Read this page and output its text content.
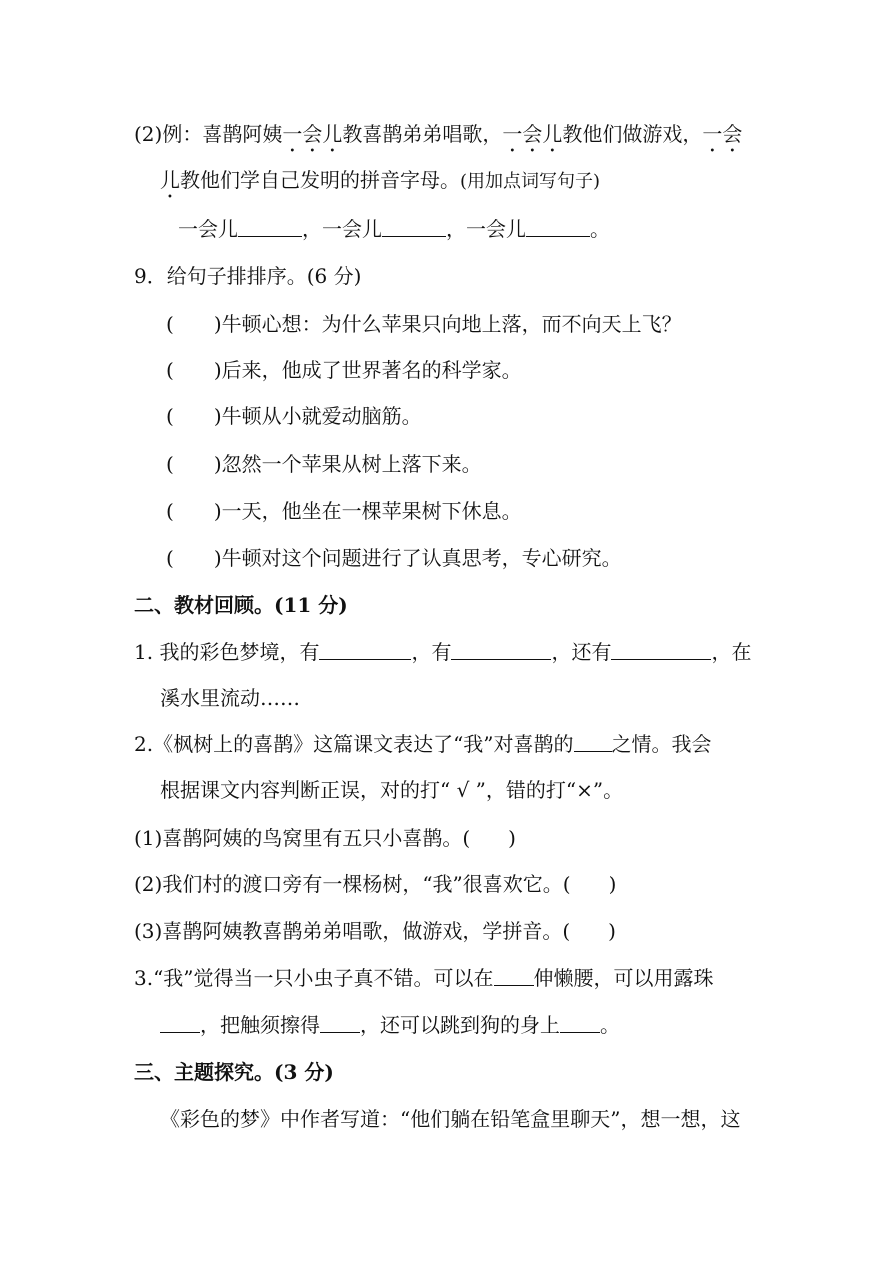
(2)例：喜鹊阿姨一会儿教喜鹊弟弟唱歌，一会儿教他们做游戏，一会
儿教他们学自己发明的拼音字母。(用加点词写句子)
一会儿	，一会儿	，一会儿	。
9．给句子排排序。(6 分)
( )牛顿心想：为什么苹果只向地上落，而不向天上飞？
( )后来，他成了世界著名的科学家。
( )牛顿从小就爱动脑筋。
( )忽然一个苹果从树上落下来。
( )一天，他坐在一棵苹果树下休息。
( )牛顿对这个问题进行了认真思考，专心研究。
二、教材回顾。(11 分)
1. 我的彩色梦境，有	，有	，还有	，在
溪水里流动……
2.《枫树上的喜鹊》这篇课文表达了“我”对喜鹊的 之情。我会
根据课文内容判断正误，对的打“ √ ”，错的打“×”。
(1)喜鹊阿姨的鸟窝里有五只小喜鹊。( )
(2)我们村的渡口旁有一棵杨树，“我”很喜欢它。( )
(3)喜鹊阿姨教喜鹊弟弟唱歌，做游戏，学拼音。( )
3.“我”觉得当一只小虫子真不错。可以在 伸懒腰，可以用露珠
，把触须擦得 ，还可以跳到狗的身上 。
三、主题探究。(3 分)
《彩色的梦》中作者写道：“他们躺在铅笔盒里聊天”，想一想，这
